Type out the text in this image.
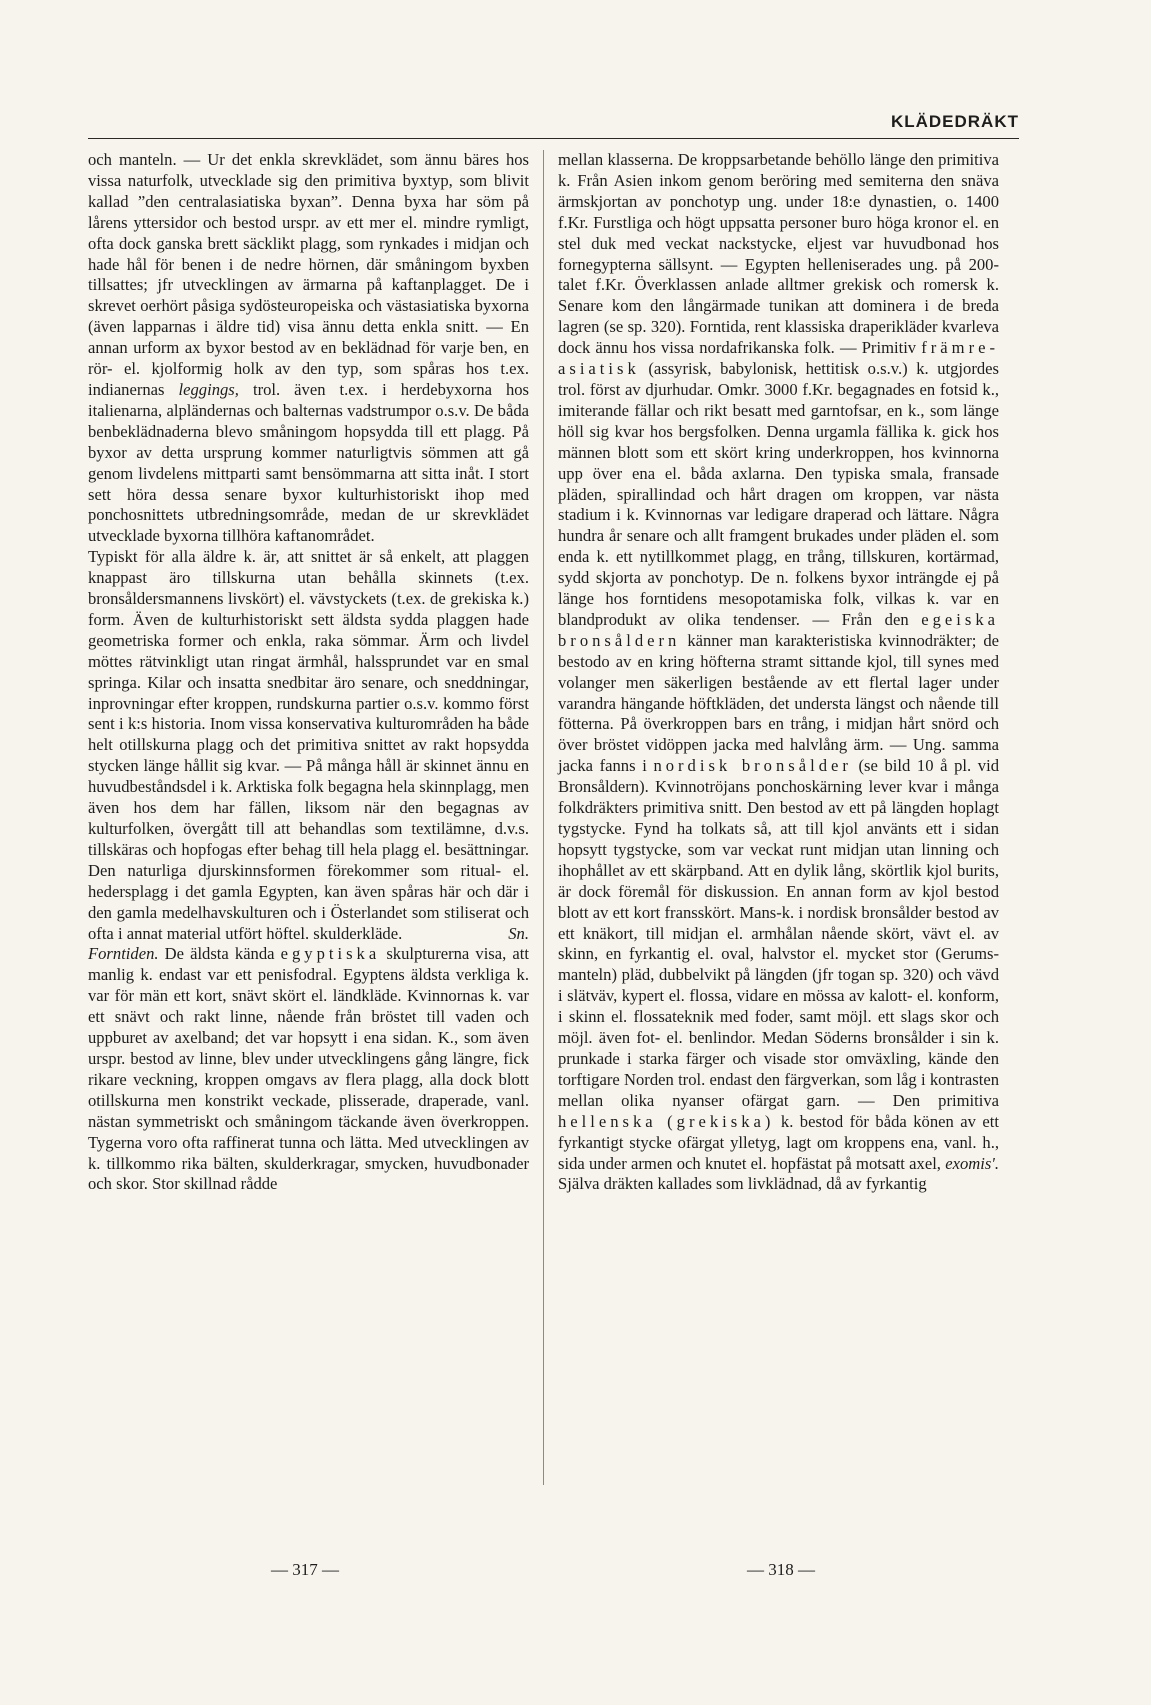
KLÄDEDRÄKT

och manteln. — Ur det enkla skrevklädet, som ännu bäres hos vissa naturfolk, utvecklade sig den primitiva byxtyp, som blivit kallad ”den centralasiatiska byxan”. Denna byxa har söm på lårens yttersidor och bestod urspr. av ett mer el. mindre rymligt, ofta dock ganska brett säcklikt plagg, som rynkades i midjan och hade hål för benen i de nedre hörnen, där småningom byxben tillsattes; jfr utvecklingen av ärmarna på kaftanplagget. De i skrevet oerhört påsiga sydösteuropeiska och västasiatiska byxorna (även lapparnas i äldre tid) visa ännu detta enkla snitt. — En annan urform ax byxor bestod av en beklädnad för varje ben, en rör- el. kjolformig holk av den typ, som spåras hos t.ex. indianernas leggings, trol. även t.ex. i herdebyxorna hos italienarna, alpländernas och balternas vadstrumpor o.s.v. De båda benbeklädnaderna blevo småningom hopsydda till ett plagg. På byxor av detta ursprung kommer naturligtvis sömmen att gå genom livdelens mittparti samt bensömmarna att sitta inåt. I stort sett höra dessa senare byxor kulturhistoriskt ihop med ponchosnittets utbredningsområde, medan de ur skrevklädet utvecklade byxorna tillhöra kaftanområdet.

Typiskt för alla äldre k. är, att snittet är så enkelt, att plaggen knappast äro tillskurna utan behålla skinnets (t.ex. bronsåldersmannens livskört) el. vävstyckets (t.ex. de grekiska k.) form. Även de kulturhistoriskt sett äldsta sydda plaggen hade geometriska former och enkla, raka sömmar. Ärm och livdel möttes rätvinkligt utan ringat ärmhål, halssprundet var en smal springa. Kilar och insatta snedbitar äro senare, och sneddningar, inprovningar efter kroppen, rundskurna partier o.s.v. kommo först sent i k:s historia. Inom vissa konservativa kulturområden ha både helt otillskurna plagg och det primitiva snittet av rakt hopsydda stycken länge hållit sig kvar. — På många håll är skinnet ännu en huvudbeståndsdel i k. Arktiska folk begagna hela skinnplagg, men även hos dem har fällen, liksom när den begagnas av kulturfolken, övergått till att behandlas som textilämne, d.v.s. tillskäras och hopfogas efter behag till hela plagg el. besättningar. Den naturliga djurskinnsformen förekommer som ritual- el. hedersplagg i det gamla Egypten, kan även spåras här och där i den gamla medelhavskulturen och i Österlandet som stiliserat och ofta i annat material utfört höftel. skulderkläde.	Sn.

Forntiden. De äldsta kända egyptiska skulpturerna visa, att manlig k. endast var ett penisfodral. Egyptens äldsta verkliga k. var för män ett kort, snävt skört el. ländkläde. Kvinnornas k. var ett snävt och rakt linne, nående från bröstet till vaden och uppburet av axelband; det var hopsytt i ena sidan. K., som även urspr. bestod av linne, blev under utvecklingens gång längre, fick rikare veckning, kroppen omgavs av flera plagg, alla dock blott otillskurna men konstrikt veckade, plisserade, draperade, vanl. nästan symmetriskt och småningom täckande även överkroppen. Tygerna voro ofta raffinerat tunna och lätta. Med utvecklingen av k. tillkommo rika bälten, skulderkragar, smycken, huvudbonader och skor. Stor skillnad rådde

mellan klasserna. De kroppsarbetande behöllo länge den primitiva k. Från Asien inkom genom beröring med semiterna den snäva ärmskjortan av ponchotyp ung. under 18:e dynastien, o. 1400 f.Kr. Furstliga och högt uppsatta personer buro höga kronor el. en stel duk med veckat nackstycke, eljest var huvudbonad hos fornegypterna sällsynt. — Egypten helleniserades ung. på 200-talet f.Kr. Överklassen anlade alltmer grekisk och romersk k. Senare kom den långärmade tunikan att dominera i de breda lagren (se sp. 320). Forntida, rent klassiska draperikläder kvarleva dock ännu hos vissa nordafrikanska folk. — Primitiv främre-asiatisk (assyrisk, babylonisk, hettitisk o.s.v.) k. utgjordes trol. först av djurhudar. Omkr. 3000 f.Kr. begagnades en fotsid k., imiterande fällar och rikt besatt med garntofsar, en k., som länge höll sig kvar hos bergsfolken. Denna urgamla fällika k. gick hos männen blott som ett skört kring underkroppen, hos kvinnorna upp över ena el. båda axlarna. Den typiska smala, fransade pläden, spirallindad och hårt dragen om kroppen, var nästa stadium i k. Kvinnornas var ledigare draperad och lättare. Några hundra år senare och allt framgent brukades under pläden el. som enda k. ett nytillkommet plagg, en trång, tillskuren, kortärmad, sydd skjorta av ponchotyp. De n. folkens byxor inträngde ej på länge hos forntidens mesopotamiska folk, vilkas k. var en blandprodukt av olika tendenser. — Från den egeiska bronsåldern känner man karakteristiska kvinnodräkter; de bestodo av en kring höfterna stramt sittande kjol, till synes med volanger men säkerligen bestående av ett flertal lager under varandra hängande höftkläden, det understa längst och nående till fötterna. På överkroppen bars en trång, i midjan hårt snörd och över bröstet vidöppen jacka med halvlång ärm. — Ung. samma jacka fanns i nordisk bronsålder (se bild 10 å pl. vid Bronsåldern). Kvinnotröjans ponchoskärning lever kvar i många folkdräkters primitiva snitt. Den bestod av ett på längden hoplagt tygstycke. Fynd ha tolkats så, att till kjol använts ett i sidan hopsytt tygstycke, som var veckat runt midjan utan linning och ihophållet av ett skärpband. Att en dylik lång, skörtlik kjol burits, är dock föremål för diskussion. En annan form av kjol bestod blott av ett kort fransskört. Mans-k. i nordisk bronsålder bestod av ett knäkort, till midjan el. armhålan nående skört, vävt el. av skinn, en fyrkantig el. oval, halvstor el. mycket stor (Gerums-manteln) pläd, dubbelvikt på längden (jfr togan sp. 320) och vävd i slätväv, kypert el. flossa, vidare en mössa av kalott- el. konform, i skinn el. flossateknik med foder, samt möjl. ett slags skor och möjl. även fot- el. benlindor. Medan Söderns bronsålder i sin k. prunkade i starka färger och visade stor omväxling, kände den torftigare Norden trol. endast den färgverkan, som låg i kontrasten mellan olika nyanser ofärgat garn. — Den primitiva hellenska (grekiska) k. bestod för båda könen av ett fyrkantigt stycke ofärgat ylletyg, lagt om kroppens ena, vanl. h., sida under armen och knutet el. hopfästat på motsatt axel, exomis'. Själva dräkten kallades som livklädnad, då av fyrkantig

— 317 —	— 318 —
